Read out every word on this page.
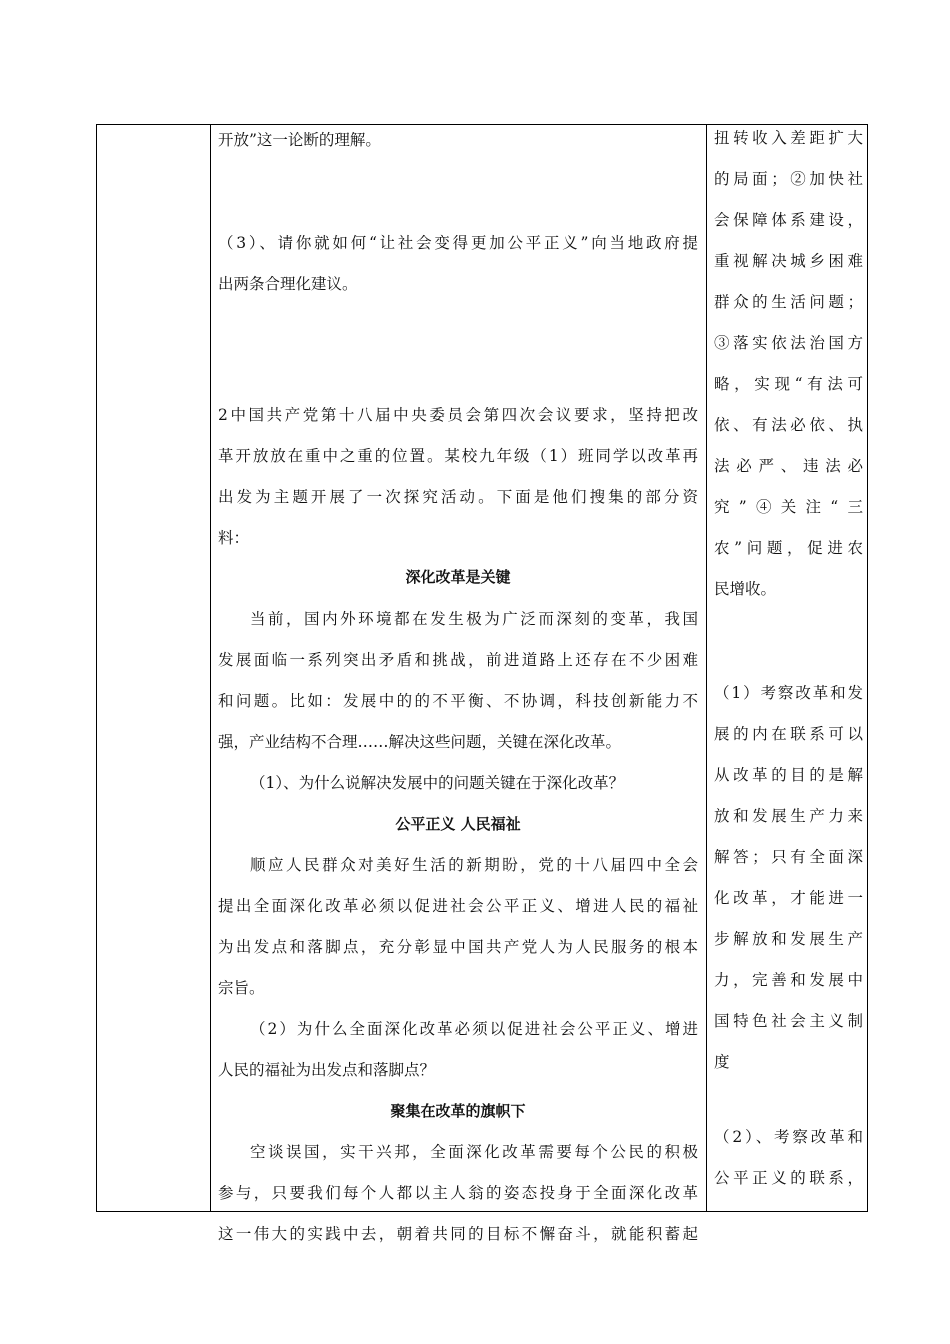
开放”这一论断的理解。

（3）、请你就如何“让社会变得更加公平正义”向当地政府提

出两条合理化建议。

2中国共产党第十八届中央委员会第四次会议要求，坚持把改

革开放放在重中之重的位置。某校九年级（1）班同学以改革再

出发为主题开展了一次探究活动。下面是他们搜集的部分资

料：

深化改革是关键

当前，国内外环境都在发生极为广泛而深刻的变革，我国

发展面临一系列突出矛盾和挑战，前进道路上还存在不少困难

和问题。比如：发展中的的不平衡、不协调，科技创新能力不

强，产业结构不合理……解决这些问题，关键在深化改革。

（1）、为什么说解决发展中的问题关键在于深化改革？

公平正义 人民福祉

顺应人民群众对美好生活的新期盼，党的十八届四中全会

提出全面深化改革必须以促进社会公平正义、增进人民的福祉

为出发点和落脚点，充分彰显中国共产党人为人民服务的根本

宗旨。

（2）为什么全面深化改革必须以促进社会公平正义、增进

人民的福祉为出发点和落脚点？

聚集在改革的旗帜下

空谈误国，实干兴邦，全面深化改革需要每个公民的积极

参与，只要我们每个人都以主人翁的姿态投身于全面深化改革

这一伟大的实践中去，朝着共同的目标不懈奋斗，就能积蓄起

扭转收入差距扩大

的局面；②加快社

会保障体系建设，

重视解决城乡困难

群众的生活问题；

③落实依法治国方

略，实现“有法可

依、有法必依、执

法必严、违法必

究”④关注“三

农”问题，促进农

民增收。

（1）考察改革和发

展的内在联系可以

从改革的目的是解

放和发展生产力来

解答；只有全面深

化改革，才能进一

步解放和发展生产

力，完善和发展中

国特色社会主义制

度

（2）、考察改革和

公平正义的联系，
